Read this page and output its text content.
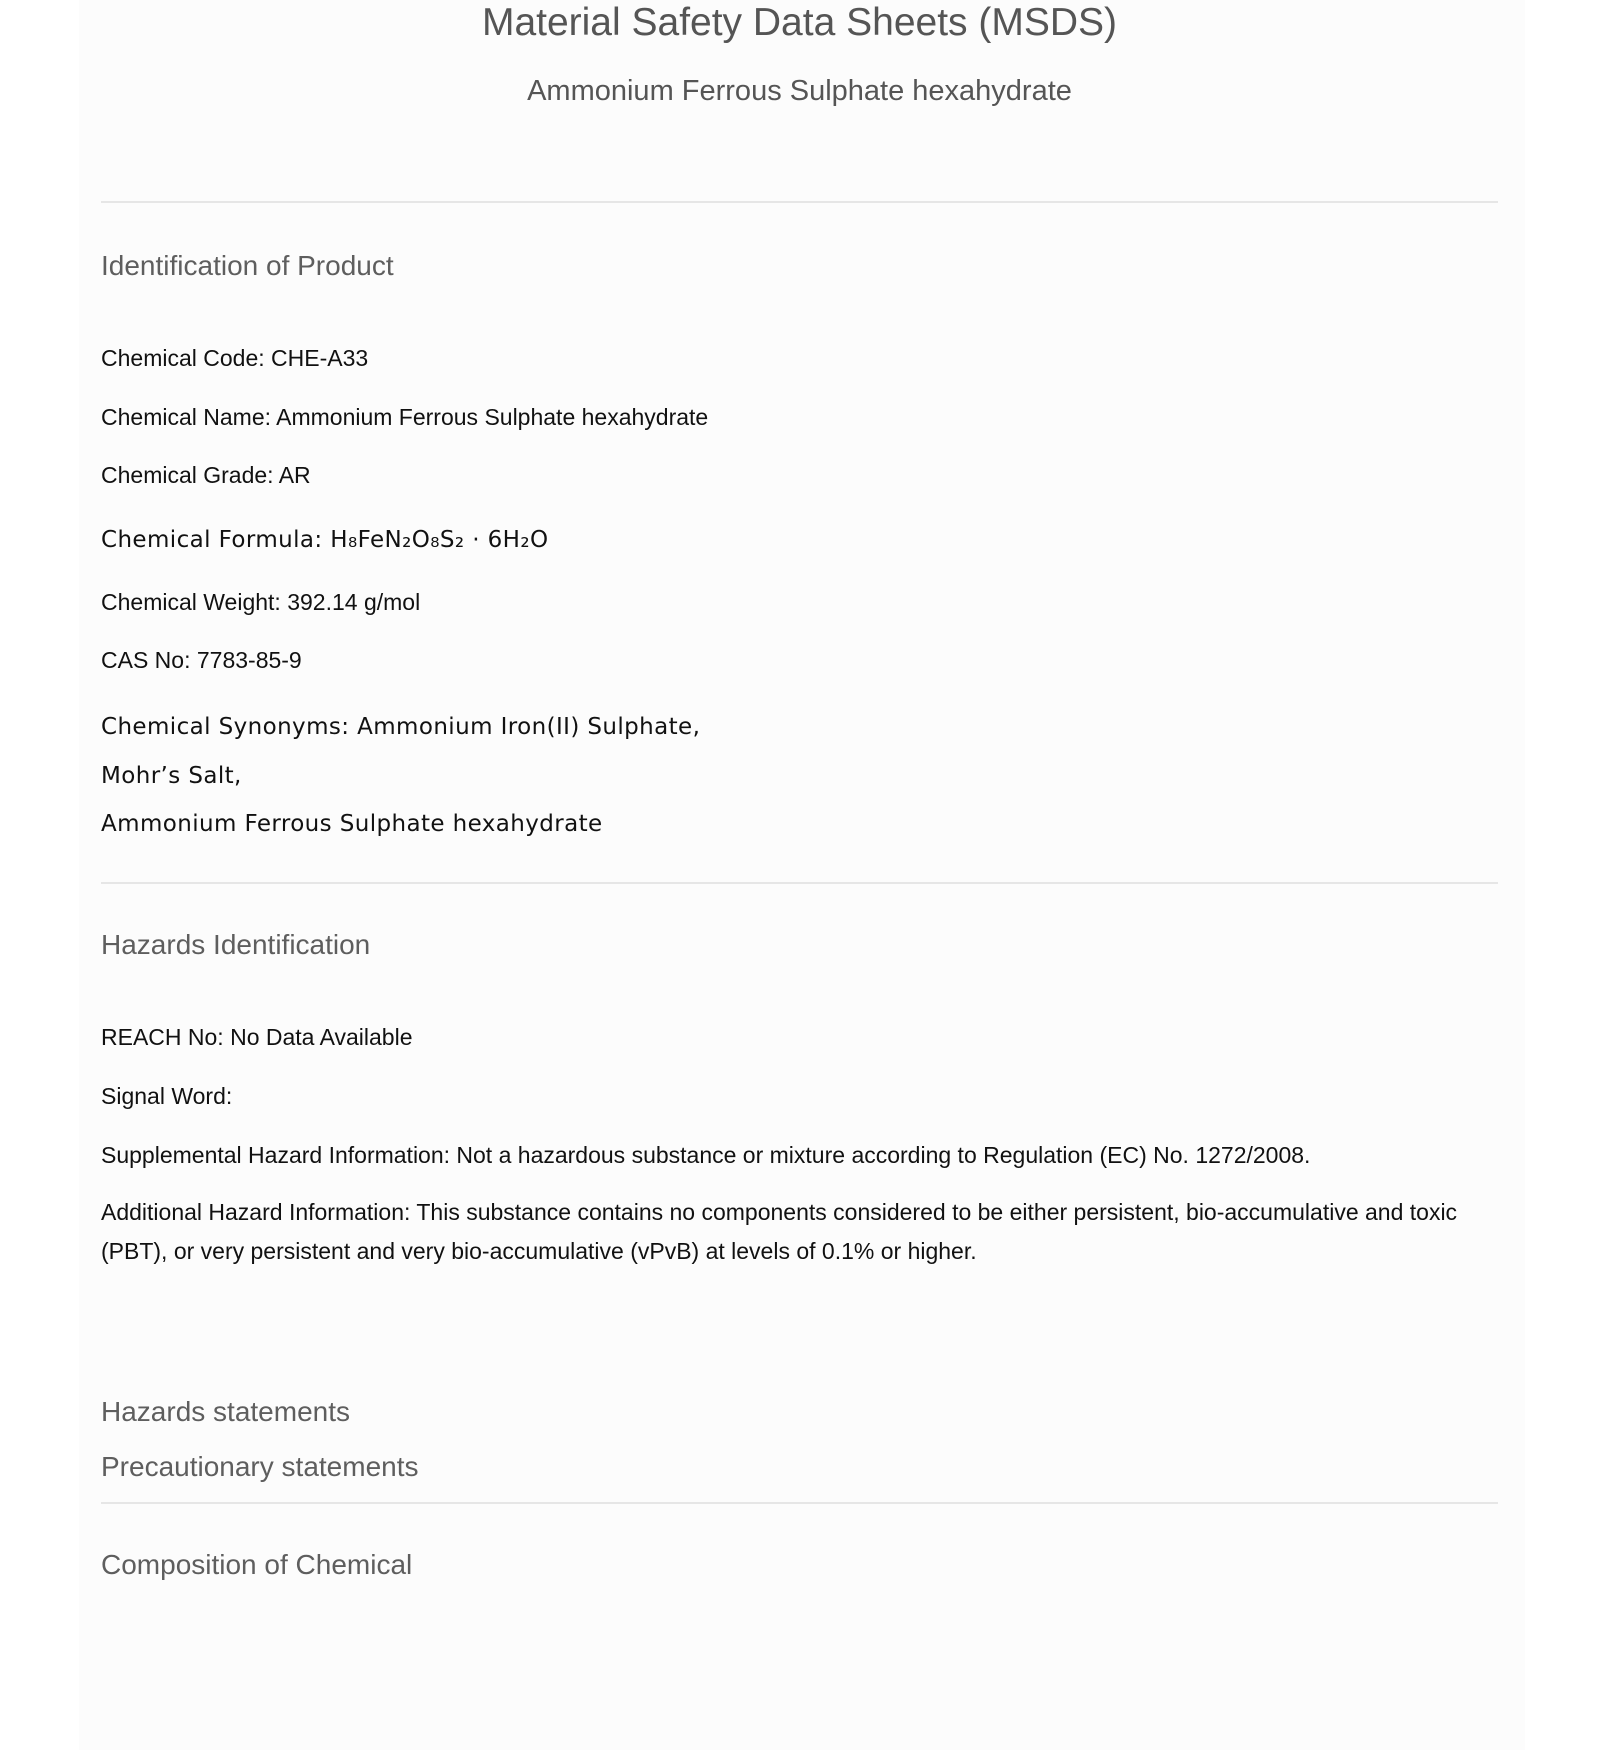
Material Safety Data Sheets (MSDS)
Ammonium Ferrous Sulphate hexahydrate
Identification of Product

Chemical Code: CHE-A33

Chemical Name: Ammonium Ferrous Sulphate hexahydrate

Chemical Grade: AR

Chemical Formula: H₈FeN₂O₈S₂ · 6H₂O

Chemical Weight: 392.14 g/mol

CAS No: 7783-85-9

Chemical Synonyms: Ammonium Iron(II) Sulphate,

Mohr’s Salt,

Ammonium Ferrous Sulphate hexahydrate

Hazards Identification

REACH No: No Data Available

Signal Word:

Supplemental Hazard Information: Not a hazardous substance or mixture according to Regulation (EC) No. 1272/2008.

Additional Hazard Information: This substance contains no components considered to be either persistent, bio-accumulative and toxic (PBT), or very persistent and very bio-accumulative (vPvB) at levels of 0.1% or higher.

Hazards statements
Precautionary statements
Composition of Chemical
